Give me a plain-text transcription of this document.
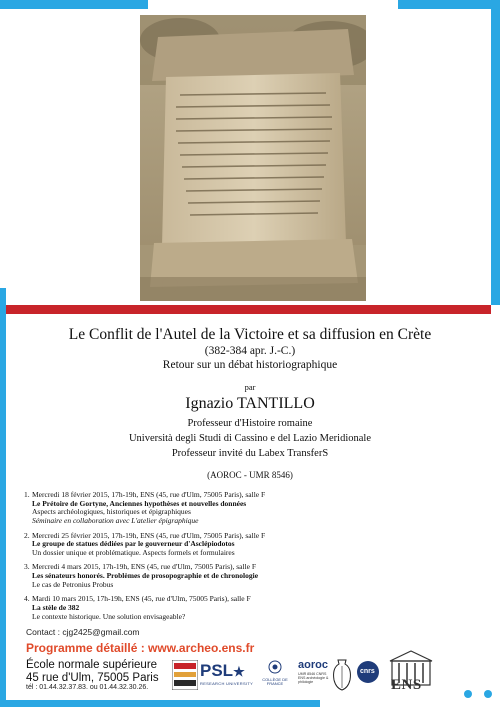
Le Conflit de l'Autel de la Victoire et sa diffusion en Crète
(382-384 apr. J.-C.)
Retour sur un débat historiographique
par
Ignazio TANTILLO
Professeur d'Histoire romaine
Università degli Studi di Cassino e del Lazio Meridionale
Professeur invité du Labex TransferS
(AOROC - UMR 8546)
1. Mercredi 18 février 2015, 17h-19h, ENS (45, rue d'Ulm, 75005 Paris), salle F
Le Prétoire de Gortyne, Anciennes hypothèses et nouvelles données
Aspects archéologiques, historiques et épigraphiques
Séminaire en collaboration avec L'atelier épigraphique
2. Mercredi 25 février 2015, 17h-19h, ENS (45, rue d'Ulm, 75005 Paris), salle F
Le groupe de statues dédiées par le gouverneur d'Asclépiodotos
Un dossier unique et problématique. Aspects formels et formulaires
3. Mercredi 4 mars 2015, 17h-19h, ENS (45, rue d'Ulm, 75005 Paris), salle F
Les sénateurs honorés. Problèmes de prosopographie et de chronologie
Le cas de Petronius Probus
4. Mardi 10 mars 2015, 17h-19h, ENS (45, rue d'Ulm, 75005 Paris), salle F
La stèle de 382
Le contexte historique. Une solution envisageable?
Contact : cjg2425@gmail.com
Programme détaillé : www.archeo.ens.fr
École normale supérieure
45 rue d'Ulm, 75005 Paris
tél : 01.44.32.37.83. ou 01.44.32.30.26.
PSL★
RESEARCH UNIVERSITY
COLLÈGE DE FRANCE
aoroc
UMR 8546 CNRS ENS archéologie & philologie
cnrs
ENS
